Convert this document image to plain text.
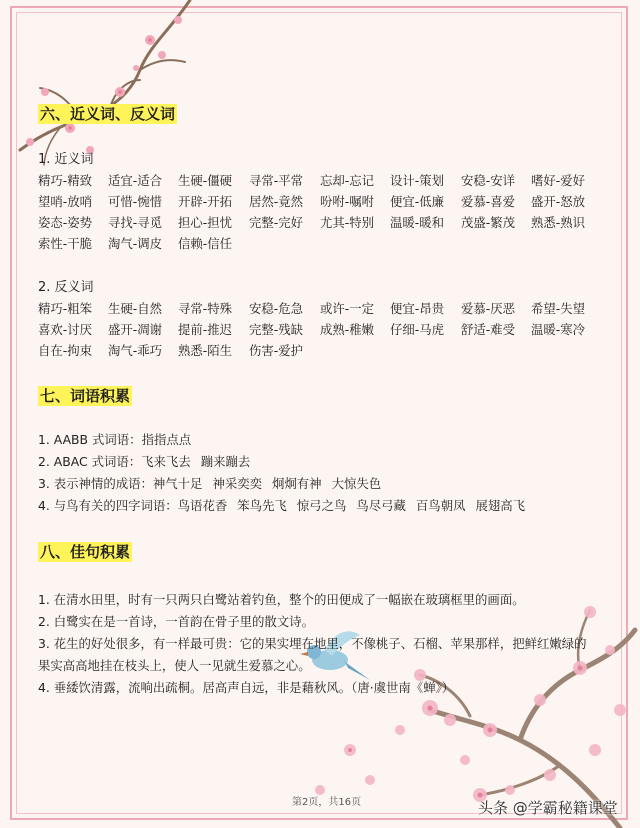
六、近义词、反义词
1. 近义词
精巧-精致 适宜-适合 生硬-僵硬 寻常-平常 忘却-忘记 设计-策划 安稳-安详 嗜好-爱好
望哨-放哨 可惜-惋惜 开辟-开拓 居然-竟然 吩咐-嘱咐 便宜-低廉 爱慕-喜爱 盛开-怒放
姿态-姿势 寻找-寻觅 担心-担忧 完整-完好 尤其-特别 温暖-暖和 茂盛-繁茂 熟悉-熟识
索性-干脆 淘气-调皮 信赖-信任
2. 反义词
精巧-粗笨 生硬-自然 寻常-特殊 安稳-危急 或许-一定 便宜-昂贵 爱慕-厌恶 希望-失望
喜欢-讨厌 盛开-凋谢 提前-推迟 完整-残缺 成熟-稚嫩 仔细-马虎 舒适-难受 温暖-寒冷
自在-拘束 淘气-乖巧 熟悉-陌生 伤害-爱护
七、词语积累
1. AABB 式词语：指指点点
2. ABAC 式词语：飞来飞去 蹦来蹦去
3. 表示神情的成语：神气十足 神采奕奕 炯炯有神 大惊失色
4. 与鸟有关的四字词语：鸟语花香 笨鸟先飞 惊弓之鸟 鸟尽弓藏 百鸟朝凤 展翅高飞
八、佳句积累
1. 在清水田里，时有一只两只白鹭站着钓鱼，整个的田便成了一幅嵌在玻璃框里的画面。
2. 白鹭实在是一首诗，一首韵在骨子里的散文诗。
3. 花生的好处很多，有一样最可贵：它的果实埋在地里，不像桃子、石榴、苹果那样，把鲜红嫩绿的
果实高高地挂在枝头上，使人一见就生爱慕之心。
4. 垂緌饮清露，流响出疏桐。居高声自远，非是藉秋风。（唐·虞世南《蝉》）
第2页，共16页	头条 @学霸秘籍课堂
